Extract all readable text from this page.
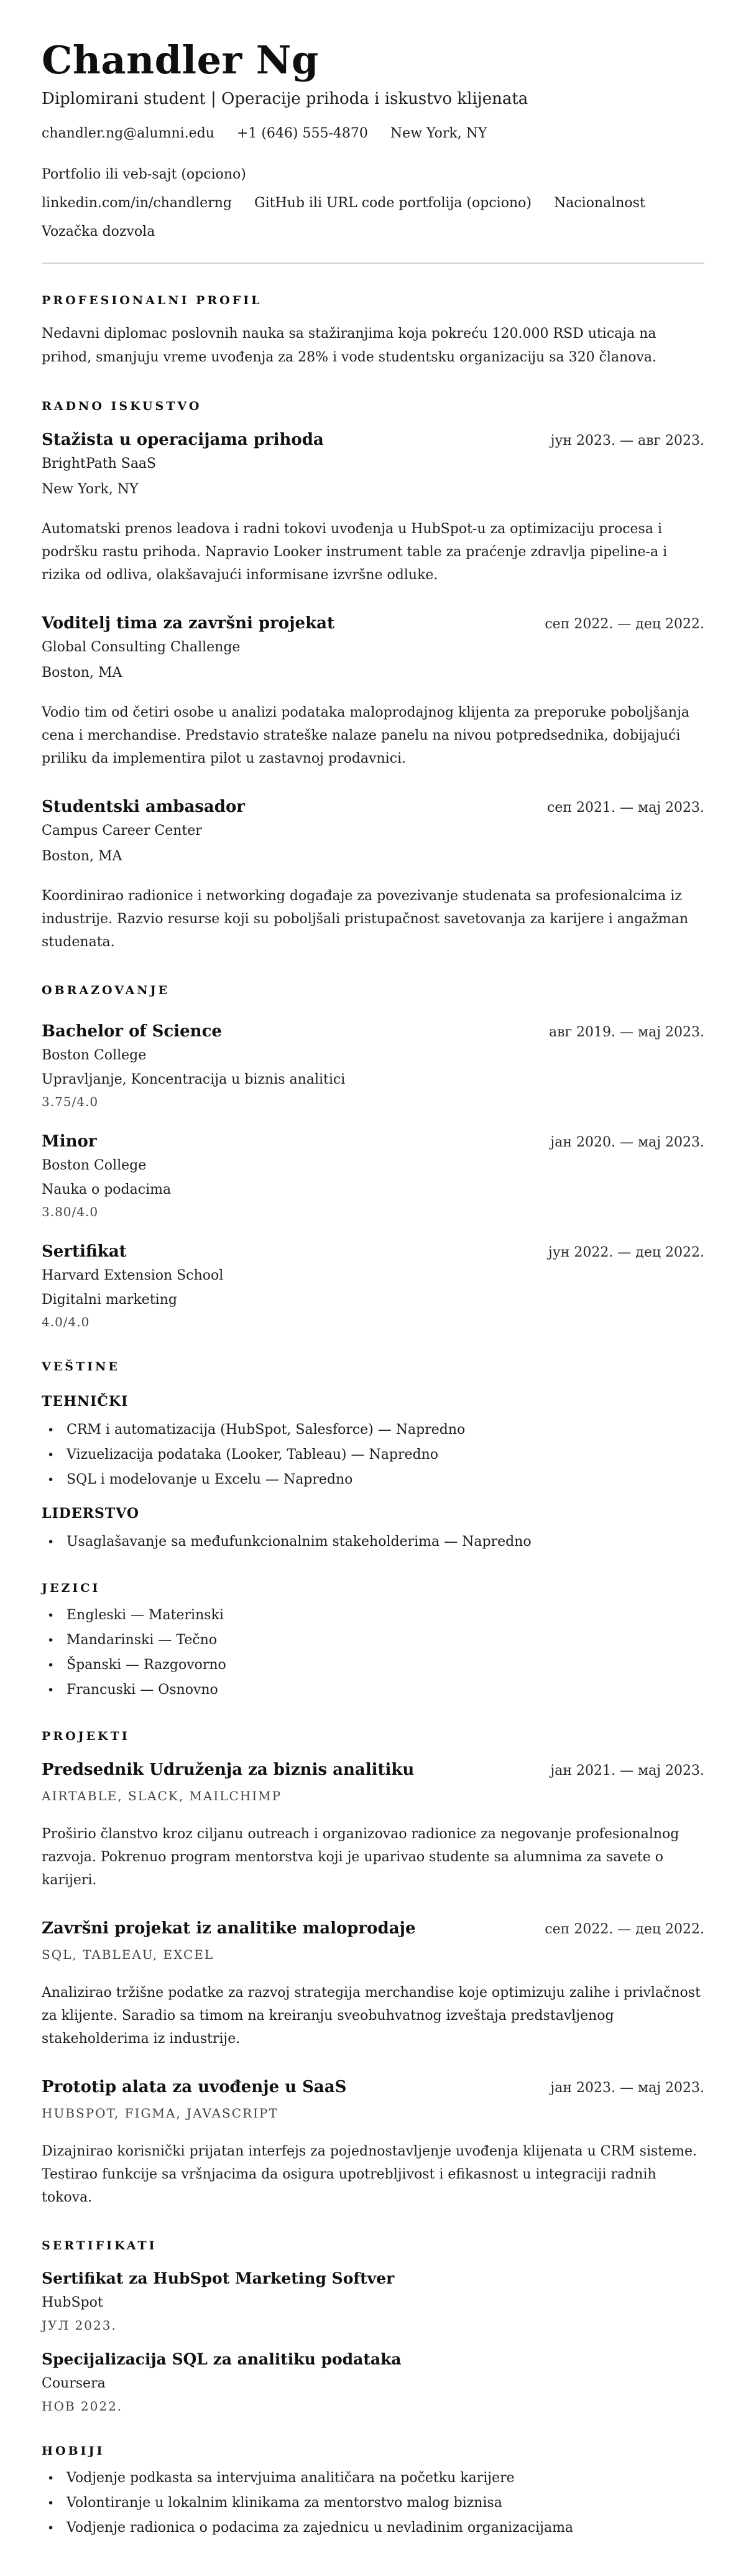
Chandler Ng
Diplomirani student | Operacije prihoda i iskustvo klijenata
chandler.ng@alumni.edu +1 (646) 555-4870 New York, NY
Portfolio ili veb-sajt (opciono)
linkedin.com/in/chandlerng GitHub ili URL code portfolija (opciono) Nacionalnost
Vozačka dozvola
PROFESIONALNI PROFIL

Nedavni diplomac poslovnih nauka sa stažiranjima koja pokreću 120.000 RSD uticaja na prihod, smanjuju vreme uvođenja za 28% i vode studentsku organizaciju sa 320 članova.

RADNO ISKUSTVO
Stažista u operacijama prihoda	јун 2023. — авг 2023.
BrightPath SaaS
New York, NY

Automatski prenos leadova i radni tokovi uvođenja u HubSpot-u za optimizaciju procesa i podršku rastu prihoda. Napravio Looker instrument table za praćenje zdravlja pipeline-a i rizika od odliva, olakšavajući informisane izvršne odluke.

Voditelj tima za završni projekat	сеп 2022. — дец 2022.
Global Consulting Challenge
Boston, MA

Vodio tim od četiri osobe u analizi podataka maloprodajnog klijenta za preporuke poboljšanja cena i merchandise. Predstavio strateške nalaze panelu na nivou potpredsednika, dobijajući priliku da implementira pilot u zastavnoj prodavnici.

Studentski ambasador	сеп 2021. — мај 2023.
Campus Career Center
Boston, MA

Koordinirao radionice i networking događaje za povezivanje studenata sa profesionalcima iz industrije. Razvio resurse koji su poboljšali pristupačnost savetovanja za karijere i angažman studenata.

OBRAZOVANJE
Bachelor of Science	авг 2019. — мај 2023.
Boston College
Upravljanje, Koncentracija u biznis analitici
3.75/4.0
Minor	јан 2020. — мај 2023.
Boston College
Nauka o podacima
3.80/4.0
Sertifikat	јун 2022. — дец 2022.
Harvard Extension School
Digitalni marketing
4.0/4.0
VEŠTINE
TEHNIČKI
• CRM i automatizacija (HubSpot, Salesforce) — Napredno
• Vizuelizacija podataka (Looker, Tableau) — Napredno
• SQL i modelovanje u Excelu — Napredno
LIDERSTVO
• Usaglašavanje sa međufunkcionalnim stakeholderima — Napredno
JEZICI
• Engleski — Materinski
• Mandarinski — Tečno
• Španski — Razgovorno
• Francuski — Osnovno
PROJEKTI
Predsednik Udruženja za biznis analitiku	јан 2021. — мај 2023.
AIRTABLE, SLACK, MAILCHIMP

Proširio članstvo kroz ciljanu outreach i organizovao radionice za negovanje profesionalnog razvoja. Pokrenuo program mentorstva koji je uparivao studente sa alumnima za savete o karijeri.

Završni projekat iz analitike maloprodaje	сеп 2022. — дец 2022.
SQL, TABLEAU, EXCEL

Analizirao tržišne podatke za razvoj strategija merchandise koje optimizuju zalihe i privlačnost za klijente. Saradio sa timom na kreiranju sveobuhvatnog izveštaja predstavljenog stakeholderima iz industrije.

Prototip alata za uvođenje u SaaS	јан 2023. — мај 2023.
HUBSPOT, FIGMA, JAVASCRIPT

Dizajnirao korisnički prijatan interfejs za pojednostavljenje uvođenja klijenata u CRM sisteme. Testirao funkcije sa vršnjacima da osigura upotrebljivost i efikasnost u integraciji radnih tokova.

SERTIFIKATI
Sertifikat za HubSpot Marketing Softver
HubSpot
ЈУЛ 2023.
Specijalizacija SQL za analitiku podataka
Coursera
НОВ 2022.
HOBIJI
• Vodjenje podkasta sa intervjuima analitičara na početku karijere
• Volontiranje u lokalnim klinikama za mentorstvo malog biznisa
• Vodjenje radionica o podacima za zajednicu u nevladinim organizacijama
